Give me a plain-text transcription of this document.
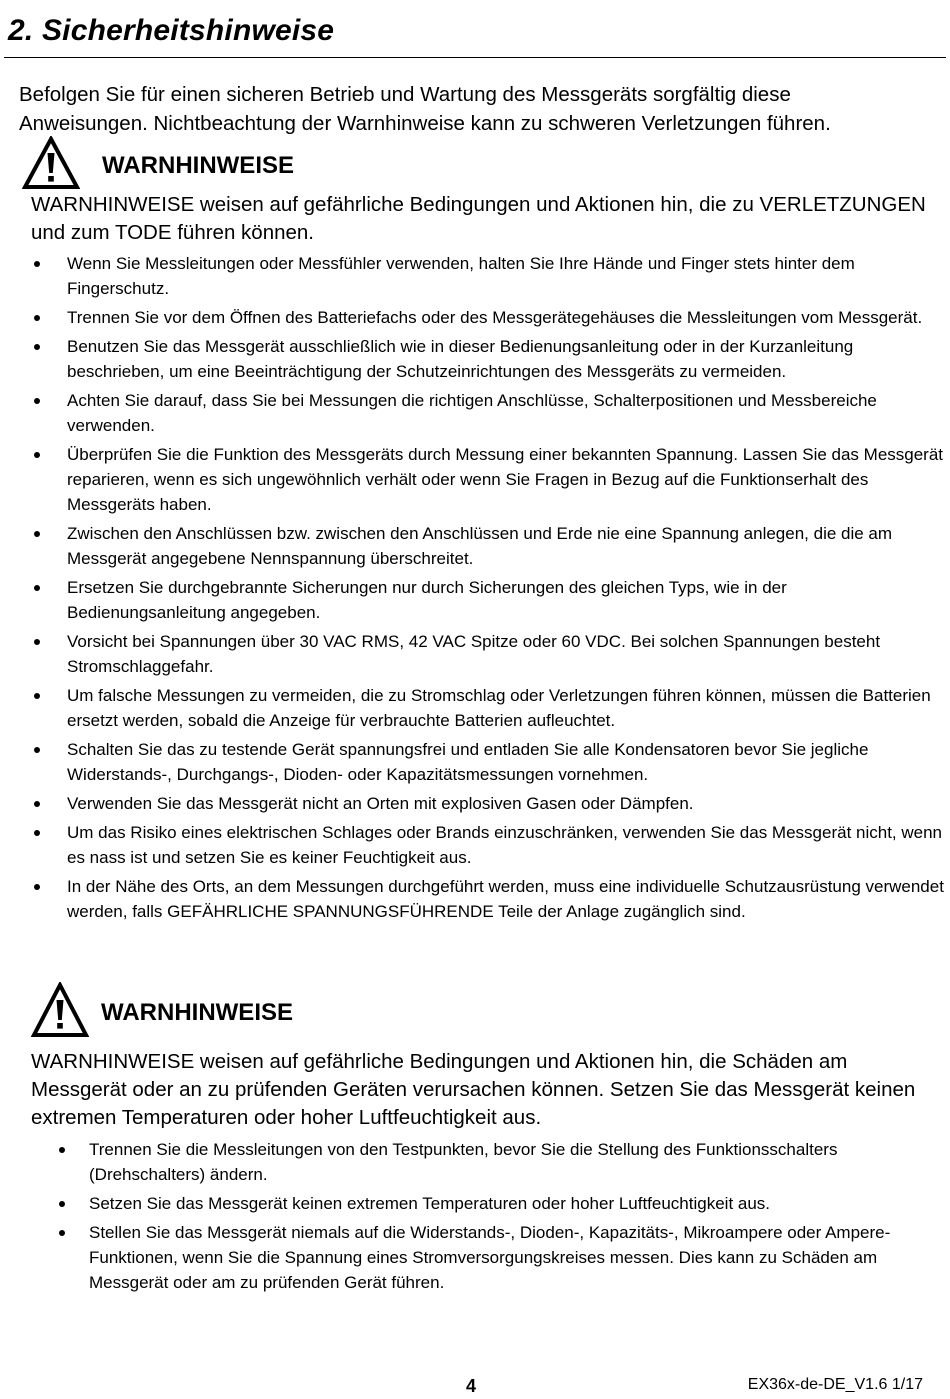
2. Sicherheitshinweise

Befolgen Sie für einen sicheren Betrieb und Wartung des Messgeräts sorgfältig diese Anweisungen. Nichtbeachtung der Warnhinweise kann zu schweren Verletzungen führen.

WARNHINWEISE

WARNHINWEISE weisen auf gefährliche Bedingungen und Aktionen hin, die zu VERLETZUNGEN und zum TODE führen können.

Wenn Sie Messleitungen oder Messfühler verwenden, halten Sie Ihre Hände und Finger stets hinter dem Fingerschutz.
Trennen Sie vor dem Öffnen des Batteriefachs oder des Messgerätegehäuses die Messleitungen vom Messgerät.
Benutzen Sie das Messgerät ausschließlich wie in dieser Bedienungsanleitung oder in der Kurzanleitung beschrieben, um eine Beeinträchtigung der Schutzeinrichtungen des Messgeräts zu vermeiden.
Achten Sie darauf, dass Sie bei Messungen die richtigen Anschlüsse, Schalterpositionen und Messbereiche verwenden.
Überprüfen Sie die Funktion des Messgeräts durch Messung einer bekannten Spannung. Lassen Sie das Messgerät reparieren, wenn es sich ungewöhnlich verhält oder wenn Sie Fragen in Bezug auf die Funktionserhalt des Messgeräts haben.
Zwischen den Anschlüssen bzw. zwischen den Anschlüssen und Erde nie eine Spannung anlegen, die die am Messgerät angegebene Nennspannung überschreitet.
Ersetzen Sie durchgebrannte Sicherungen nur durch Sicherungen des gleichen Typs, wie in der Bedienungsanleitung angegeben.
Vorsicht bei Spannungen über 30 VAC RMS, 42 VAC Spitze oder 60 VDC. Bei solchen Spannungen besteht Stromschlaggefahr.
Um falsche Messungen zu vermeiden, die zu Stromschlag oder Verletzungen führen können, müssen die Batterien ersetzt werden, sobald die Anzeige für verbrauchte Batterien aufleuchtet.
Schalten Sie das zu testende Gerät spannungsfrei und entladen Sie alle Kondensatoren bevor Sie jegliche Widerstands-, Durchgangs-, Dioden- oder Kapazitätsmessungen vornehmen.
Verwenden Sie das Messgerät nicht an Orten mit explosiven Gasen oder Dämpfen.
Um das Risiko eines elektrischen Schlages oder Brands einzuschränken, verwenden Sie das Messgerät nicht, wenn es nass ist und setzen Sie es keiner Feuchtigkeit aus.
In der Nähe des Orts, an dem Messungen durchgeführt werden, muss eine individuelle Schutzausrüstung verwendet werden, falls GEFÄHRLICHE SPANNUNGSFÜHRENDE Teile der Anlage zugänglich sind.
WARNHINWEISE

WARNHINWEISE weisen auf gefährliche Bedingungen und Aktionen hin, die Schäden am Messgerät oder an zu prüfenden Geräten verursachen können. Setzen Sie das Messgerät keinen extremen Temperaturen oder hoher Luftfeuchtigkeit aus.

Trennen Sie die Messleitungen von den Testpunkten, bevor Sie die Stellung des Funktionsschalters (Drehschalters) ändern.
Setzen Sie das Messgerät keinen extremen Temperaturen oder hoher Luftfeuchtigkeit aus.
Stellen Sie das Messgerät niemals auf die Widerstands-, Dioden-, Kapazitäts-, Mikroampere oder Ampere-Funktionen, wenn Sie die Spannung eines Stromversorgungskreises messen. Dies kann zu Schäden am Messgerät oder am zu prüfenden Gerät führen.
4	EX36x-de-DE_V1.6 1/17
